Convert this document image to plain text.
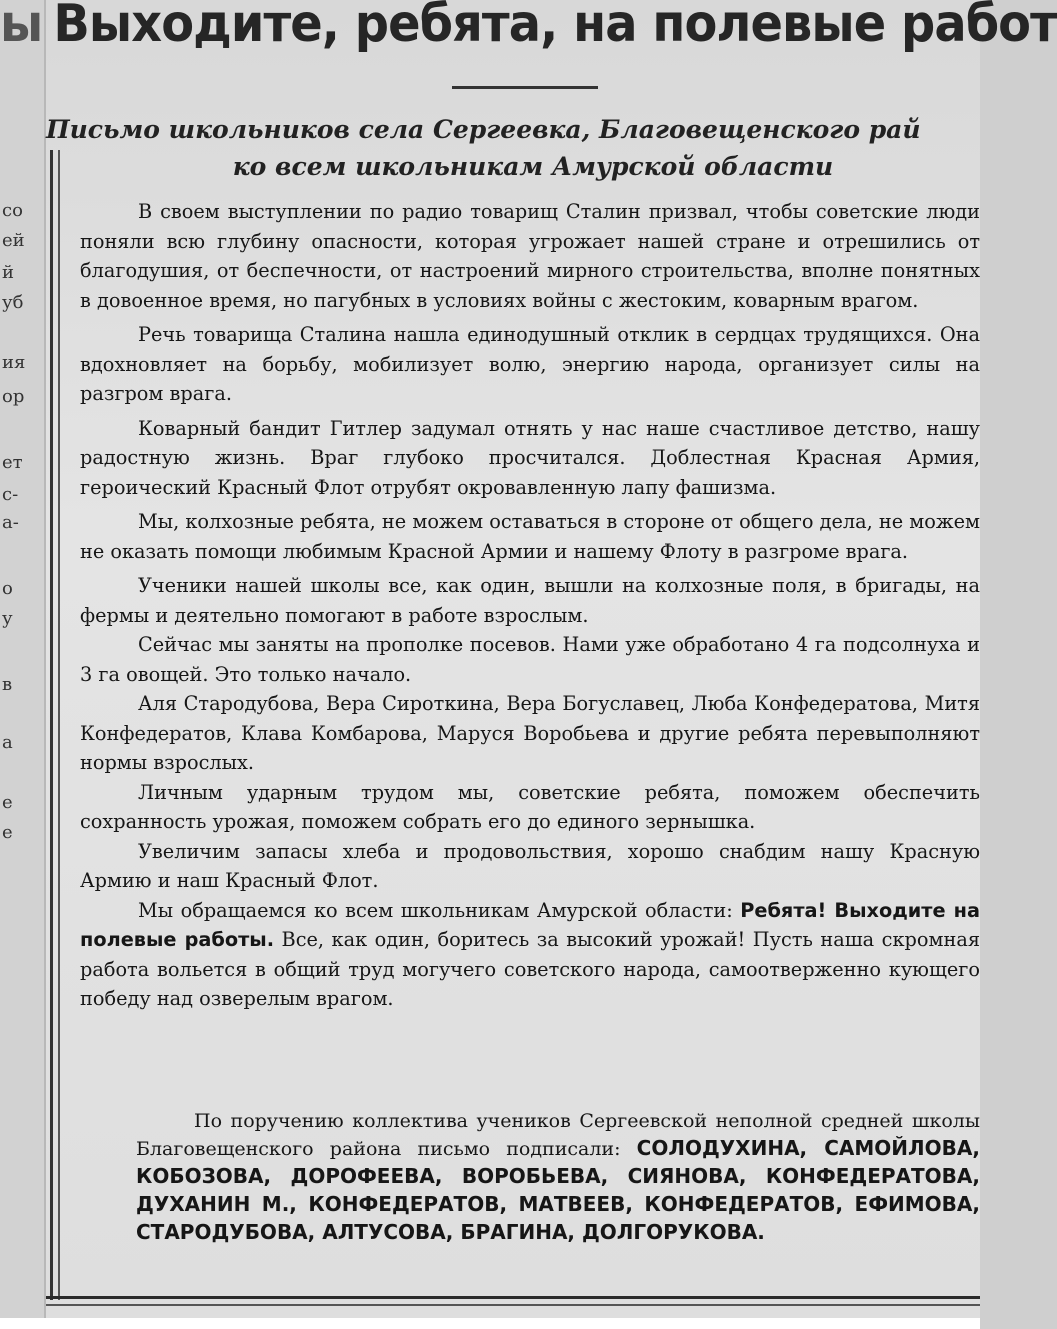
со
ей
й
уб
ия
ор
ет
с-
а-
о
у
в
а
е
е
ы Выходите, ребята, на полевые работ
Письмо школьников села Сергеевка, Благовещенского рай
ко всем школьникам Амурской области

В своем выступлении по радио товарищ Сталин призвал, чтобы советские люди поняли всю глубину опасности, которая угрожает нашей стране и отрешились от благодушия, от беспечности, от настроений мирного строительства, вполне понятных в довоенное время, но пагубных в условиях войны с жестоким, коварным врагом.

Речь товарища Сталина нашла единодушный отклик в сердцах трудящихся. Она вдохновляет на борьбу, мобилизует волю, энергию народа, организует силы на разгром врага.

Коварный бандит Гитлер задумал отнять у нас наше счастливое детство, нашу радостную жизнь. Враг глубоко просчитался. Доблестная Красная Армия, героический Красный Флот отрубят окровавленную лапу фашизма.

Мы, колхозные ребята, не можем оставаться в стороне от общего дела, не можем не оказать помощи любимым Красной Армии и нашему Флоту в разгроме врага.

Ученики нашей школы все, как один, вышли на колхозные поля, в бригады, на фермы и деятельно помогают в работе взрослым.

Сейчас мы заняты на прополке посевов. Нами уже обработано 4 га подсолнуха и 3 га овощей. Это только начало.

Аля Стародубова, Вера Сироткина, Вера Богуславец, Люба Конфедератова, Митя Конфедератов, Клава Комбарова, Маруся Воробьева и другие ребята перевыполняют нормы взрослых.

Личным ударным трудом мы, советские ребята, поможем обеспечить сохранность урожая, поможем собрать его до единого зернышка.

Увеличим запасы хлеба и продовольствия, хорошо снабдим нашу Красную Армию и наш Красный Флот.

Мы обращаемся ко всем школьникам Амурской области: Ребята! Выходите на полевые работы. Все, как один, боритесь за высокий урожай! Пусть наша скромная работа вольется в общий труд могучего советского народа, самоотверженно кующего победу над озверелым врагом.

По поручению коллектива учеников Сергеевской неполной средней школы Благовещенского района письмо подписали: СОЛОДУХИНА, САМОЙЛОВА, КОБОЗОВА, ДОРОФЕЕВА, ВОРОБЬЕВА, СИЯНОВА, КОНФЕДЕРАТОВА, ДУХАНИН М., КОНФЕДЕРАТОВ, МАТВЕЕВ, КОНФЕДЕРАТОВ, ЕФИМОВА, СТАРОДУБОВА, АЛТУСОВА, БРАГИНА, ДОЛГОРУКОВА.
